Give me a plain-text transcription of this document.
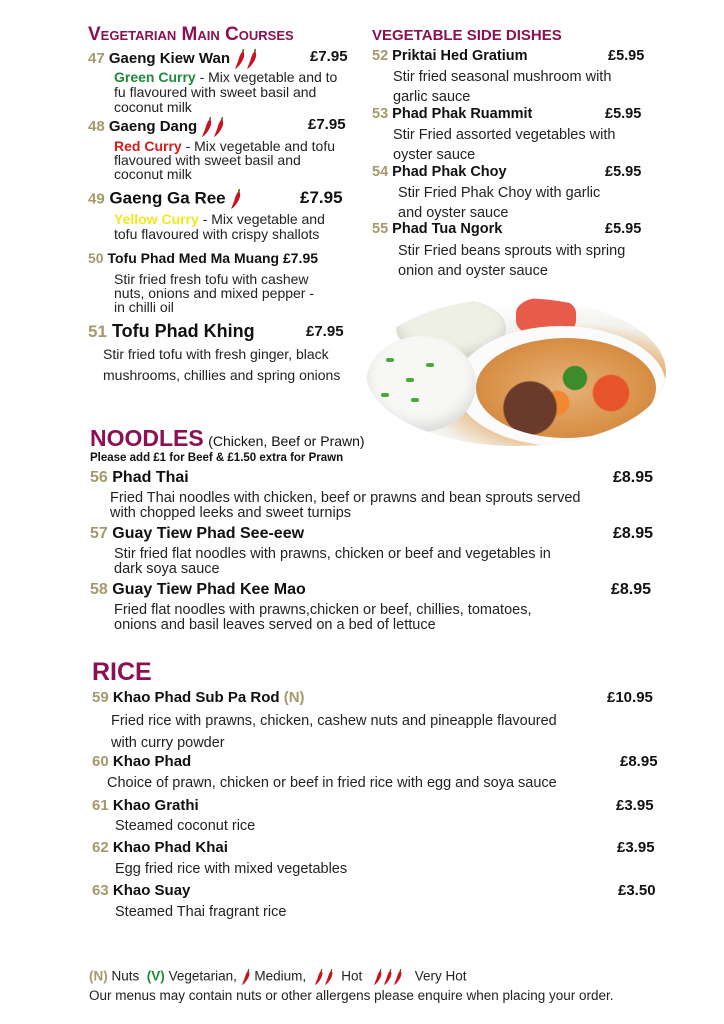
Vegetarian Main Courses
47 Gaeng Kiew Wan	£7.95
Green Curry - Mix vegetable and to
fu flavoured with sweet basil and
coconut milk
48 Gaeng Dang	£7.95
Red Curry - Mix vegetable and tofu
flavoured with sweet basil and
coconut milk
49 Gaeng Ga Ree	£7.95
Yellow Curry - Mix vegetable and
tofu flavoured with crispy shallots
50 Tofu Phad Med Ma Muang £7.95
Stir fried fresh tofu with cashew
nuts, onions and mixed pepper -
in chilli oil
51 Tofu Phad Khing	£7.95
Stir fried tofu with fresh ginger, black
mushrooms, chillies and spring onions
VEGETABLE SIDE DISHES
52 Priktai Hed Gratium	£5.95
Stir fried seasonal mushroom with
garlic sauce
53 Phad Phak Ruammit	£5.95
Stir Fried assorted vegetables with
oyster sauce
54 Phad Phak Choy	£5.95
Stir Fried Phak Choy with garlic
and oyster sauce
55 Phad Tua Ngork	£5.95
Stir Fried beans sprouts with spring
onion and oyster sauce
NOODLES (Chicken, Beef or Prawn)
Please add £1 for Beef & £1.50 extra for Prawn
56 Phad Thai	£8.95
Fried Thai noodles with chicken, beef or prawns and bean sprouts served
with chopped leeks and sweet turnips
57 Guay Tiew Phad See-eew	£8.95
Stir fried flat noodles with prawns, chicken or beef and vegetables in
dark soya sauce
58 Guay Tiew Phad Kee Mao	£8.95
Fried flat noodles with prawns,chicken or beef, chillies, tomatoes,
onions and basil leaves served on a bed of lettuce
RICE
59 Khao Phad Sub Pa Rod (N)	£10.95
Fried rice with prawns, chicken, cashew nuts and pineapple flavoured
with curry powder
60 Khao Phad	£8.95
Choice of prawn, chicken or beef in fried rice with egg and soya sauce
61 Khao Grathi	£3.95
Steamed coconut rice
62 Khao Phad Khai	£3.95
Egg fried rice with mixed vegetables
63 Khao Suay	£3.50
Steamed Thai fragrant rice
(N) Nuts (V) Vegetarian, Medium,	Hot	Very Hot
Our menus may contain nuts or other allergens please enquire when placing your order.
